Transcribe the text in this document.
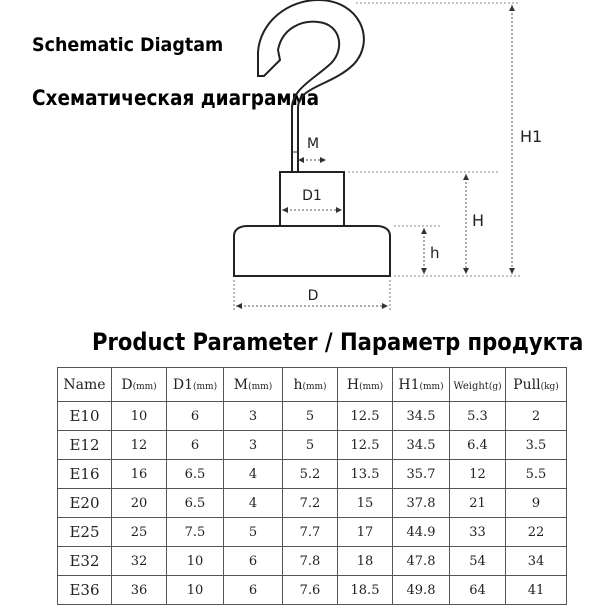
Schematic Diagtam
Схематическая диаграмма
M
D1
D
h
H
H1
Product Parameter / Параметр продукта
Name	D(mm)	D1(mm)	M(mm)	h(mm)	H(mm)	H1(mm)	Weight(g)	Pull(kg)
E10	10	6	3	5	12.5	34.5	5.3	2
E12	12	6	3	5	12.5	34.5	6.4	3.5
E16	16	6.5	4	5.2	13.5	35.7	12	5.5
E20	20	6.5	4	7.2	15	37.8	21	9
E25	25	7.5	5	7.7	17	44.9	33	22
E32	32	10	6	7.8	18	47.8	54	34
E36	36	10	6	7.6	18.5	49.8	64	41
